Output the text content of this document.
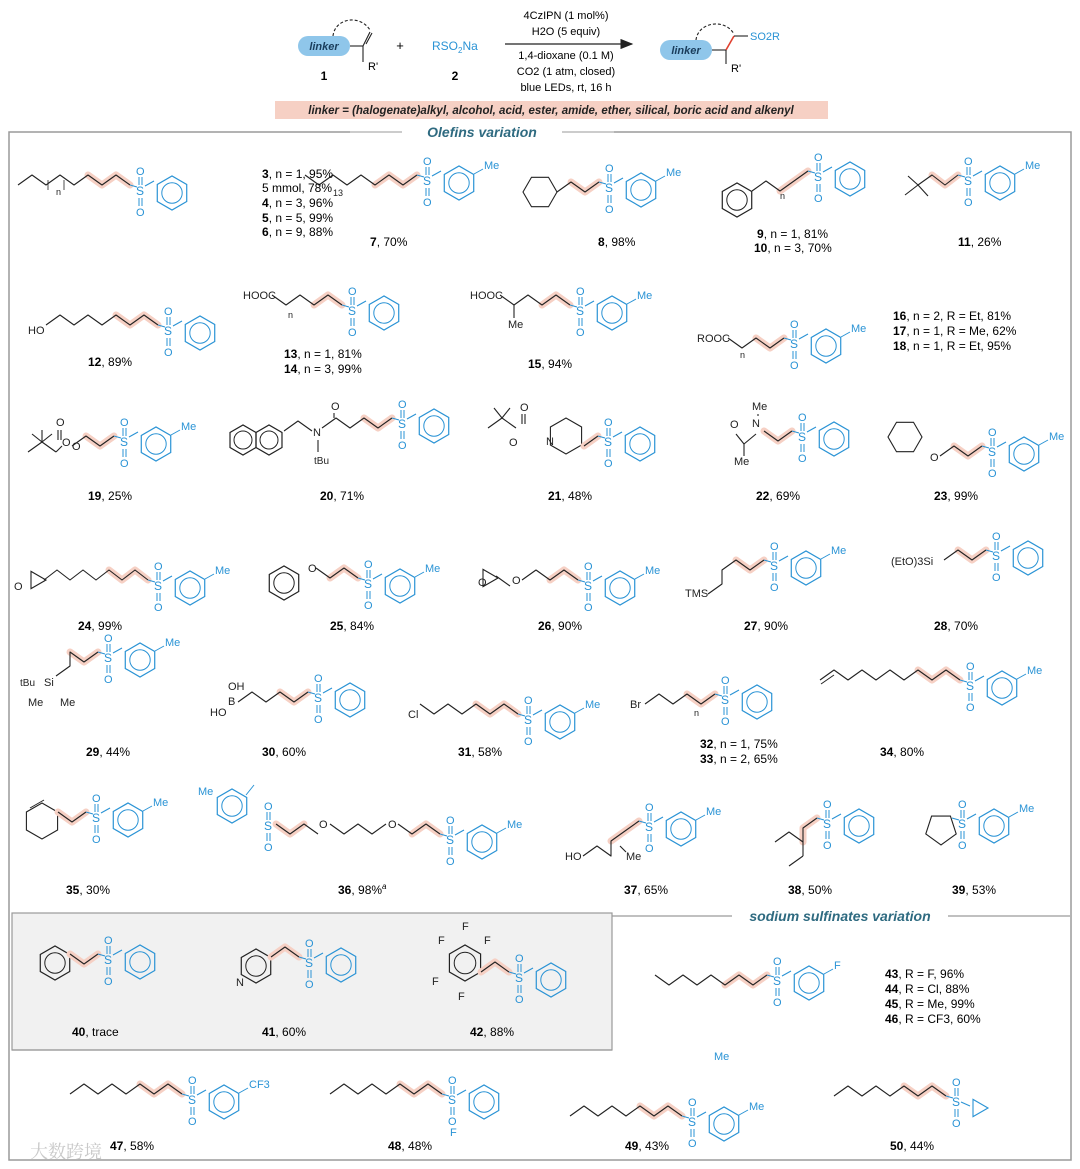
linker
R'
1
+ $RSO_2Na$
2
4CzIPN (1 mol%)
H2O (5 equiv)
1,4-dioxane (0.1 M)
CO2 (1 atm, closed)
blue LEDs, rt, 16 h
linker
SO2R
R'
linker = (halogenate)alkyl, alcohol, acid, ester, amide, ether, silical, boric acid and alkenyl
Olefins variation
sodium sulfinates variation
n	S
O
O
13
S
O
O
Me
S
O
O
Me
n
S
O
O
S
O
O
Me
HO	S
O
O
HOOC
n	S
O
O
HOOC
Me
S
O
O
Me
ROOC
n
S
O
O
Me
O
O
O	S
O
O
Me	N
tBu
O
S
O
O
O
O	N	S
O
O
Me
N
O
Me
S
O
O	O	S
O
O
Me
O	S
O
O
Me	O
S
O
O
Me
O O	S
O
O
Me
TMS
S
O
O
Me
(EtO)3Si	S
O
O
tBu Si
Me Me
S
O
O
Me
OH
B
HO
S
O
O	Cl	S
O
O
Me	Br
n
S
O
O
S
O
O
Me
S
O
O
Me
Me
S
O
O
O	O
S
O
O
Me
HO	Me
S
O
O
Me
S
O
O
S
O
O
Me
S
O
O	N
S
O
O
F
F
F
F
F
S
O
O
S
O
O
F
S
O
O
CF3
S
O
O
F
S
O
O
Me
Me
S
O
O
3, n = 1, 95%
5 mmol, 78%
4, n = 3, 96%
5, n = 5, 99%
6, n = 9, 88%
7, 70%	8, 98%
9, n = 1, 81%
10, n = 3, 70%	11, 26%
12, 89%
13, n = 1, 81%
14, n = 3, 99%	15, 94%
16, n = 2, R = Et, 81%
17, n = 1, R = Me, 62%
18, n = 1, R = Et, 95%
19, 25%	20, 71%	21, 48%	22, 69%	23, 99%
24, 99%	25, 84%	26, 90%	27, 90%	28, 70%
29, 44%	30, 60%	31, 58%
32, n = 1, 75%
33, n = 2, 65%	34, 80%
35, 30%	36, 98%$^a$	37, 65%	38, 50%	39, 53%
40, trace	41, 60%	42, 88%
43, R = F, 96%
44, R = Cl, 88%
45, R = Me, 99%
46, R = CF3, 60%
47, 58%	48, 48%	49, 43%	50, 44%
大数跨境
